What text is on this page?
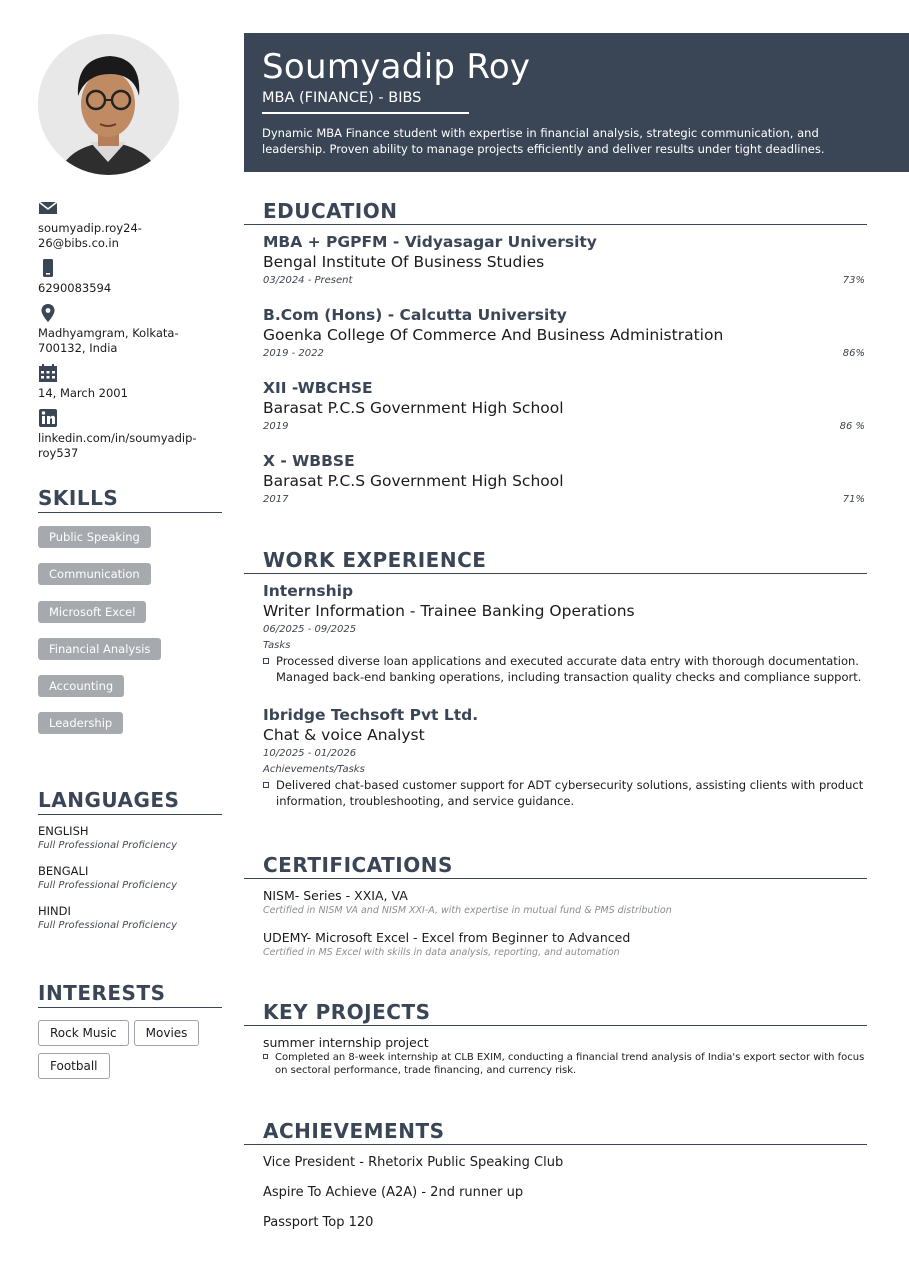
soumyadip.roy24-26@bibs.co.in
6290083594
Madhyamgram, Kolkata- 700132, India
14, March 2001
linkedin.com/in/soumyadip-roy537
SKILLS
Public Speaking
Communication
Microsoft Excel
Financial Analysis
Accounting
Leadership
LANGUAGES
ENGLISH
Full Professional Proficiency
BENGALI
Full Professional Proficiency
HINDI
Full Professional Proficiency
INTERESTS
Rock Music Movies
Football
Soumyadip Roy
MBA (FINANCE) - BIBS
Dynamic MBA Finance student with expertise in financial analysis, strategic communication, and leadership. Proven ability to manage projects efficiently and deliver results under tight deadlines.
EDUCATION
MBA + PGPFM - Vidyasagar University
Bengal Institute Of Business Studies
03/2024 - Present	73%
B.Com (Hons) - Calcutta University
Goenka College Of Commerce And Business Administration
2019 - 2022	86%
XII -WBCHSE
Barasat P.C.S Government High School
2019	86 %
X - WBBSE
Barasat P.C.S Government High School
2017	71%
WORK EXPERIENCE
Internship
Writer Information - Trainee Banking Operations
06/2025 - 09/2025
Tasks
Processed diverse loan applications and executed accurate data entry with thorough documentation. Managed back-end banking operations, including transaction quality checks and compliance support.
Ibridge Techsoft Pvt Ltd.
Chat & voice Analyst
10/2025 - 01/2026
Achievements/Tasks
Delivered chat-based customer support for ADT cybersecurity solutions, assisting clients with product information, troubleshooting, and service guidance.
CERTIFICATIONS
NISM- Series - XXIA, VA
Certified in NISM VA and NISM XXI-A, with expertise in mutual fund & PMS distribution
UDEMY- Microsoft Excel - Excel from Beginner to Advanced
Certified in MS Excel with skills in data analysis, reporting, and automation
KEY PROJECTS
summer internship project
Completed an 8-week internship at CLB EXIM, conducting a financial trend analysis of India's export sector with focus on sectoral performance, trade financing, and currency risk.
ACHIEVEMENTS
Vice President - Rhetorix Public Speaking Club
Aspire To Achieve (A2A) - 2nd runner up
Passport Top 120
